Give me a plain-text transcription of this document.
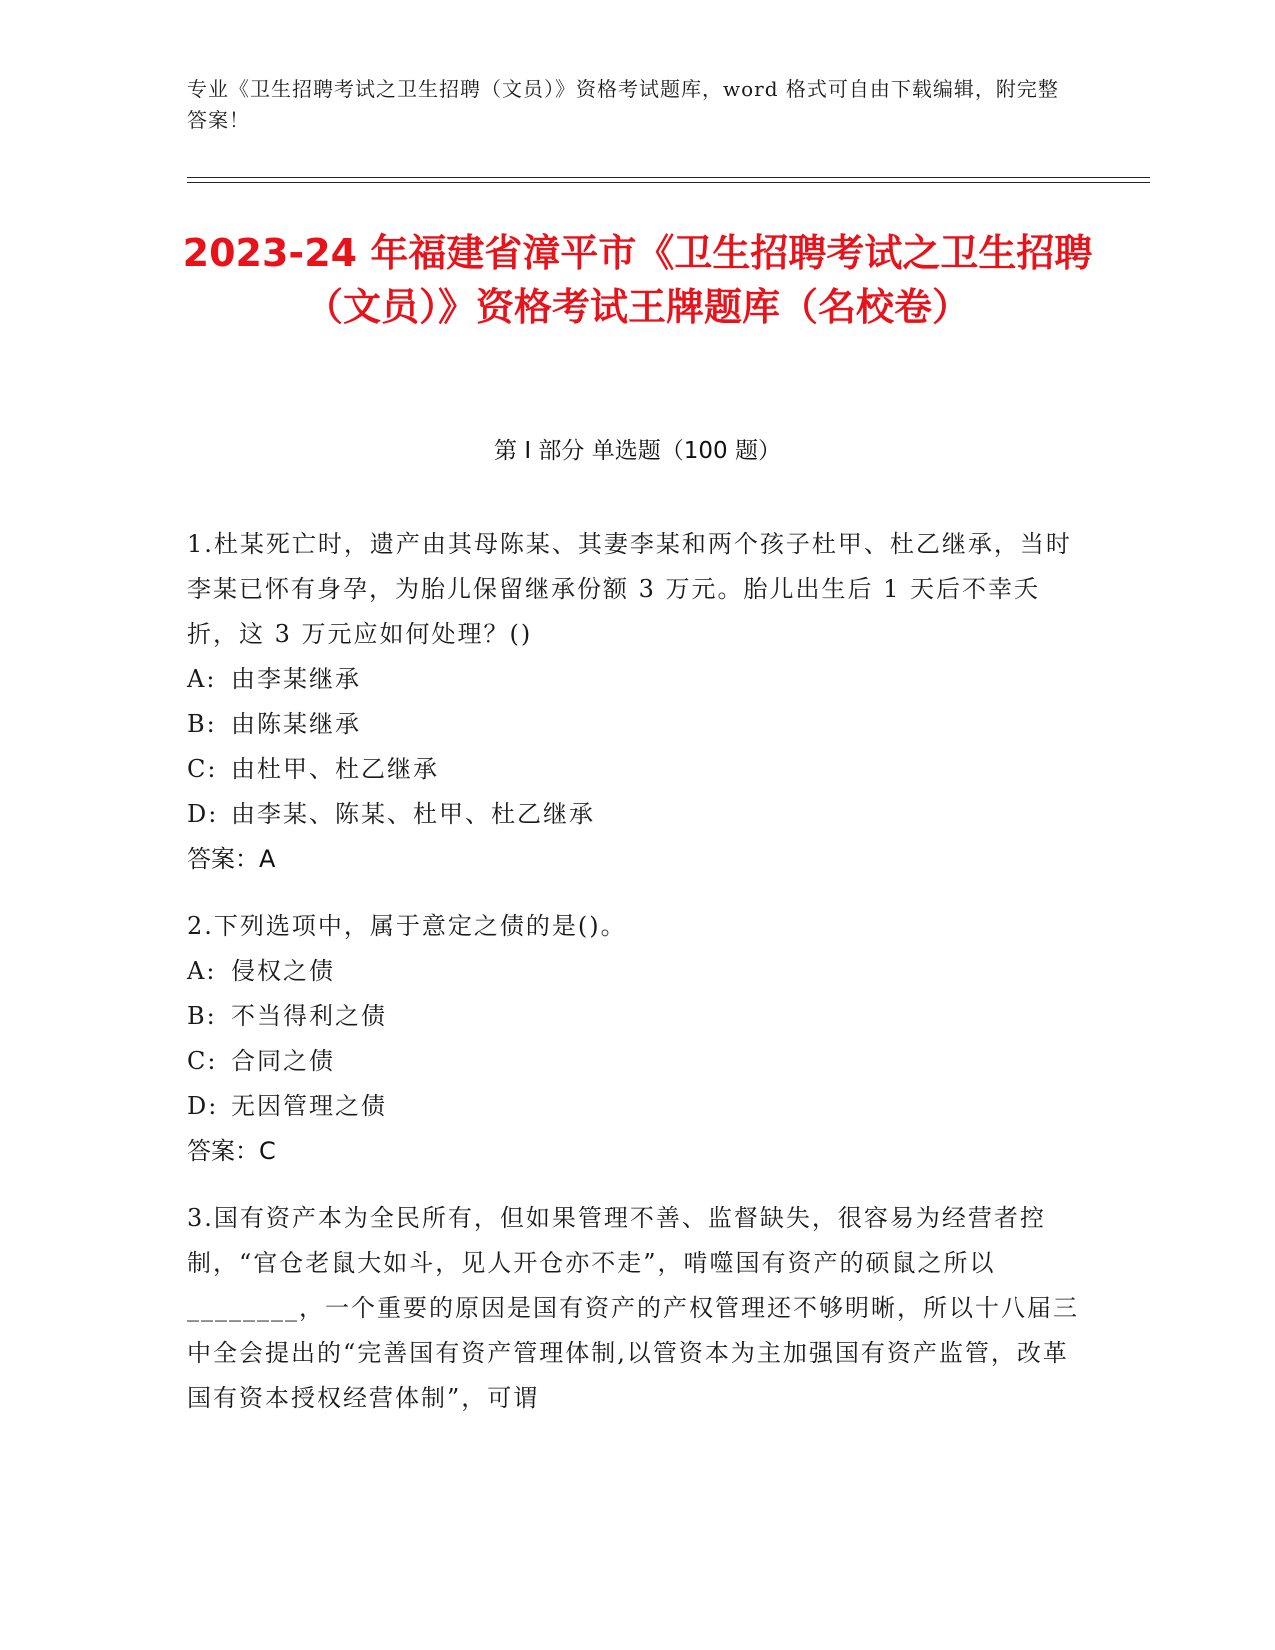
专业《卫生招聘考试之卫生招聘（文员）》资格考试题库，word 格式可自由下载编辑，附完整答案！
2023-24 年福建省漳平市《卫生招聘考试之卫生招聘（文员）》资格考试王牌题库（名校卷）
第 I 部分 单选题（100 题）

1.杜某死亡时，遗产由其母陈某、其妻李某和两个孩子杜甲、杜乙继承，当时李某已怀有身孕，为胎儿保留继承份额 3 万元。胎儿出生后 1 天后不幸夭折，这 3 万元应如何处理？()

A: 由李某继承

B: 由陈某继承

C: 由杜甲、杜乙继承

D: 由李某、陈某、杜甲、杜乙继承

答案：A

2.下列选项中，属于意定之债的是()。

A: 侵权之债

B: 不当得利之债

C: 合同之债

D: 无因管理之债

答案：C

3.国有资产本为全民所有，但如果管理不善、监督缺失，很容易为经营者控制，“官仓老鼠大如斗，见人开仓亦不走”，啃噬国有资产的硕鼠之所以________，一个重要的原因是国有资产的产权管理还不够明晰，所以十八届三中全会提出的“完善国有资产管理体制,以管资本为主加强国有资产监管，改革国有资本授权经营体制”，可谓
